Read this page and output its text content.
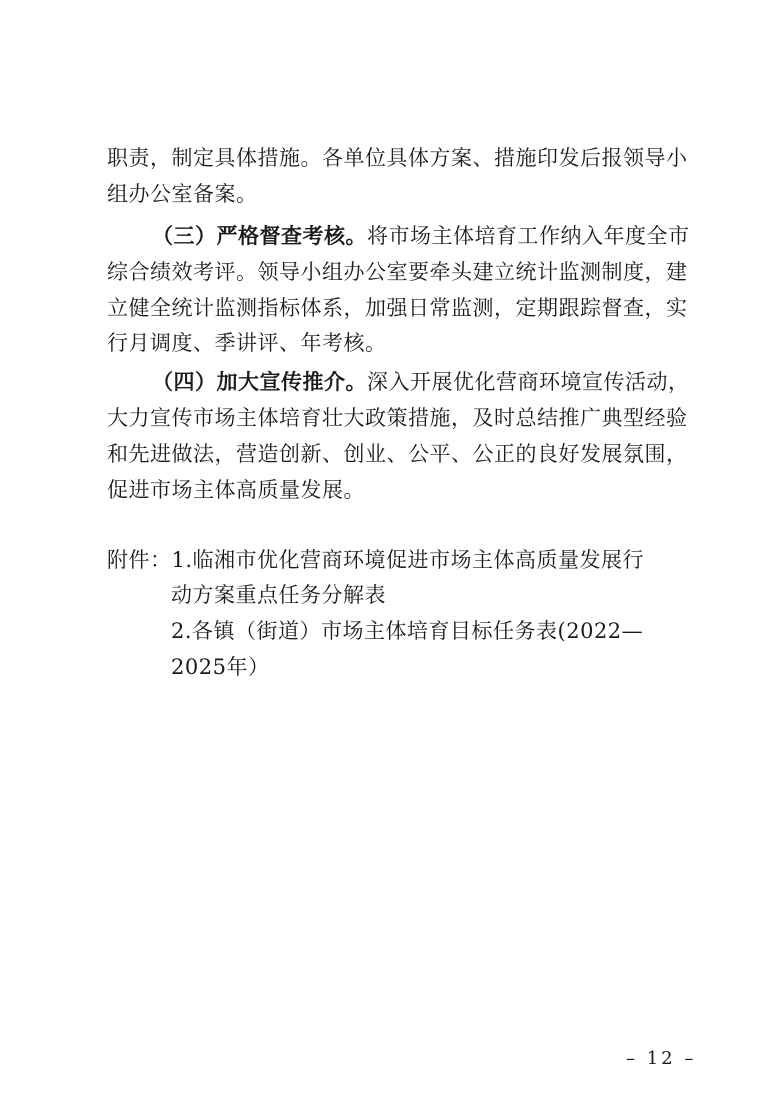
职责，制定具体措施。各单位具体方案、措施印发后报领导小
组办公室备案。
（三）严格督查考核。将市场主体培育工作纳入年度全市
综合绩效考评。领导小组办公室要牵头建立统计监测制度，建
立健全统计监测指标体系，加强日常监测，定期跟踪督查，实
行月调度、季讲评、年考核。
（四）加大宣传推介。深入开展优化营商环境宣传活动，
大力宣传市场主体培育壮大政策措施，及时总结推广典型经验
和先进做法，营造创新、创业、公平、公正的良好发展氛围，
促进市场主体高质量发展。
附件：1.临湘市优化营商环境促进市场主体高质量发展行
动方案重点任务分解表
2.各镇（街道）市场主体培育目标任务表(2022—
2025年）
– 12 –
